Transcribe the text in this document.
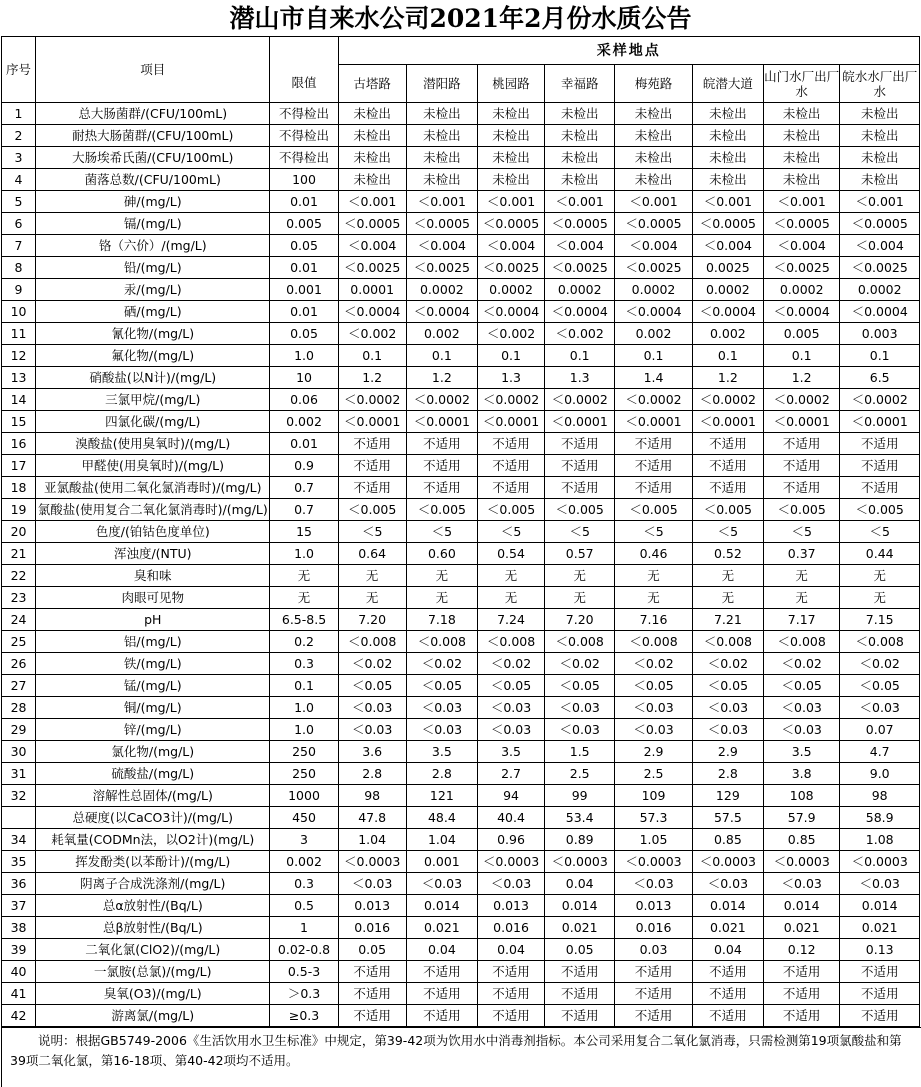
潜山市自来水公司2021年2月份水质公告
序号	项目		采样地点							
		限值	古塔路	潜阳路	桃园路	幸福路	梅苑路	皖潜大道	山门水厂出厂水	皖水水厂出厂水
1	总大肠菌群/(CFU/100mL)	不得检出	未检出	未检出	未检出	未检出	未检出	未检出	未检出	未检出
2	耐热大肠菌群/(CFU/100mL)	不得检出	未检出	未检出	未检出	未检出	未检出	未检出	未检出	未检出
3	大肠埃希氏菌/(CFU/100mL)	不得检出	未检出	未检出	未检出	未检出	未检出	未检出	未检出	未检出
4	菌落总数/(CFU/100mL)	100	未检出	未检出	未检出	未检出	未检出	未检出	未检出	未检出
5	砷/(mg/L)	0.01	＜0.001	＜0.001	＜0.001	＜0.001	＜0.001	＜0.001	＜0.001	＜0.001
6	镉/(mg/L)	0.005	＜0.0005	＜0.0005	＜0.0005	＜0.0005	＜0.0005	＜0.0005	＜0.0005	＜0.0005
7	铬（六价）/(mg/L)	0.05	＜0.004	＜0.004	＜0.004	＜0.004	＜0.004	＜0.004	＜0.004	＜0.004
8	铅/(mg/L)	0.01	＜0.0025	＜0.0025	＜0.0025	＜0.0025	＜0.0025	0.0025	＜0.0025	＜0.0025
9	汞/(mg/L)	0.001	0.0001	0.0002	0.0002	0.0002	0.0002	0.0002	0.0002	0.0002
10	硒/(mg/L)	0.01	＜0.0004	＜0.0004	＜0.0004	＜0.0004	＜0.0004	＜0.0004	＜0.0004	＜0.0004
11	氰化物/(mg/L)	0.05	＜0.002	0.002	＜0.002	＜0.002	0.002	0.002	0.005	0.003
12	氟化物/(mg/L)	1.0	0.1	0.1	0.1	0.1	0.1	0.1	0.1	0.1
13	硝酸盐(以N计)/(mg/L)	10	1.2	1.2	1.3	1.3	1.4	1.2	1.2	6.5
14	三氯甲烷/(mg/L)	0.06	＜0.0002	＜0.0002	＜0.0002	＜0.0002	＜0.0002	＜0.0002	＜0.0002	＜0.0002
15	四氯化碳/(mg/L)	0.002	＜0.0001	＜0.0001	＜0.0001	＜0.0001	＜0.0001	＜0.0001	＜0.0001	＜0.0001
16	溴酸盐(使用臭氧时)/(mg/L)	0.01	不适用	不适用	不适用	不适用	不适用	不适用	不适用	不适用
17	甲醛使(用臭氧时)/(mg/L)	0.9	不适用	不适用	不适用	不适用	不适用	不适用	不适用	不适用
18	亚氯酸盐(使用二氧化氯消毒时)/(mg/L)	0.7	不适用	不适用	不适用	不适用	不适用	不适用	不适用	不适用
19	氯酸盐(使用复合二氧化氯消毒时)/(mg/L)	0.7	＜0.005	＜0.005	＜0.005	＜0.005	＜0.005	＜0.005	＜0.005	＜0.005
20	色度/(铂钴色度单位)	15	＜5	＜5	＜5	＜5	＜5	＜5	＜5	＜5
21	浑浊度/(NTU)	1.0	0.64	0.60	0.54	0.57	0.46	0.52	0.37	0.44
22	臭和味	无	无	无	无	无	无	无	无	无
23	肉眼可见物	无	无	无	无	无	无	无	无	无
24	pH	6.5-8.5	7.20	7.18	7.24	7.20	7.16	7.21	7.17	7.15
25	铝/(mg/L)	0.2	＜0.008	＜0.008	＜0.008	＜0.008	＜0.008	＜0.008	＜0.008	＜0.008
26	铁/(mg/L)	0.3	＜0.02	＜0.02	＜0.02	＜0.02	＜0.02	＜0.02	＜0.02	＜0.02
27	锰/(mg/L)	0.1	＜0.05	＜0.05	＜0.05	＜0.05	＜0.05	＜0.05	＜0.05	＜0.05
28	铜/(mg/L)	1.0	＜0.03	＜0.03	＜0.03	＜0.03	＜0.03	＜0.03	＜0.03	＜0.03
29	锌/(mg/L)	1.0	＜0.03	＜0.03	＜0.03	＜0.03	＜0.03	＜0.03	＜0.03	0.07
30	氯化物/(mg/L)	250	3.6	3.5	3.5	1.5	2.9	2.9	3.5	4.7
31	硫酸盐/(mg/L)	250	2.8	2.8	2.7	2.5	2.5	2.8	3.8	9.0
32	溶解性总固体/(mg/L)	1000	98	121	94	99	109	129	108	98
	总硬度(以CaCO3计)/(mg/L)	450	47.8	48.4	40.4	53.4	57.3	57.5	57.9	58.9
34	耗氧量(CODMn法，以O2计)(mg/L)	3	1.04	1.04	0.96	0.89	1.05	0.85	0.85	1.08
35	挥发酚类(以苯酚计)/(mg/L)	0.002	＜0.0003	0.001	＜0.0003	＜0.0003	＜0.0003	＜0.0003	＜0.0003	＜0.0003
36	阴离子合成洗涤剂/(mg/L)	0.3	＜0.03	＜0.03	＜0.03	0.04	＜0.03	＜0.03	＜0.03	＜0.03
37	总α放射性/(Bq/L)	0.5	0.013	0.014	0.013	0.014	0.013	0.014	0.014	0.014
38	总β放射性/(Bq/L)	1	0.016	0.021	0.016	0.021	0.016	0.021	0.021	0.021
39	二氧化氯(ClO2)/(mg/L)	0.02-0.8	0.05	0.04	0.04	0.05	0.03	0.04	0.12	0.13
40	一氯胺(总氯)/(mg/L)	0.5-3	不适用	不适用	不适用	不适用	不适用	不适用	不适用	不适用
41	臭氧(O3)/(mg/L)	＞0.3	不适用	不适用	不适用	不适用	不适用	不适用	不适用	不适用
42	游离氯/(mg/L)	≥0.3	不适用	不适用	不适用	不适用	不适用	不适用	不适用	不适用
说明：根据GB5749-2006《生活饮用水卫生标准》中规定，第39-42项为饮用水中消毒剂指标。本公司采用复合二氧化氯消毒，只需检测第19项氯酸盐和第39项二氧化氯，第16-18项、第40-42项均不适用。
